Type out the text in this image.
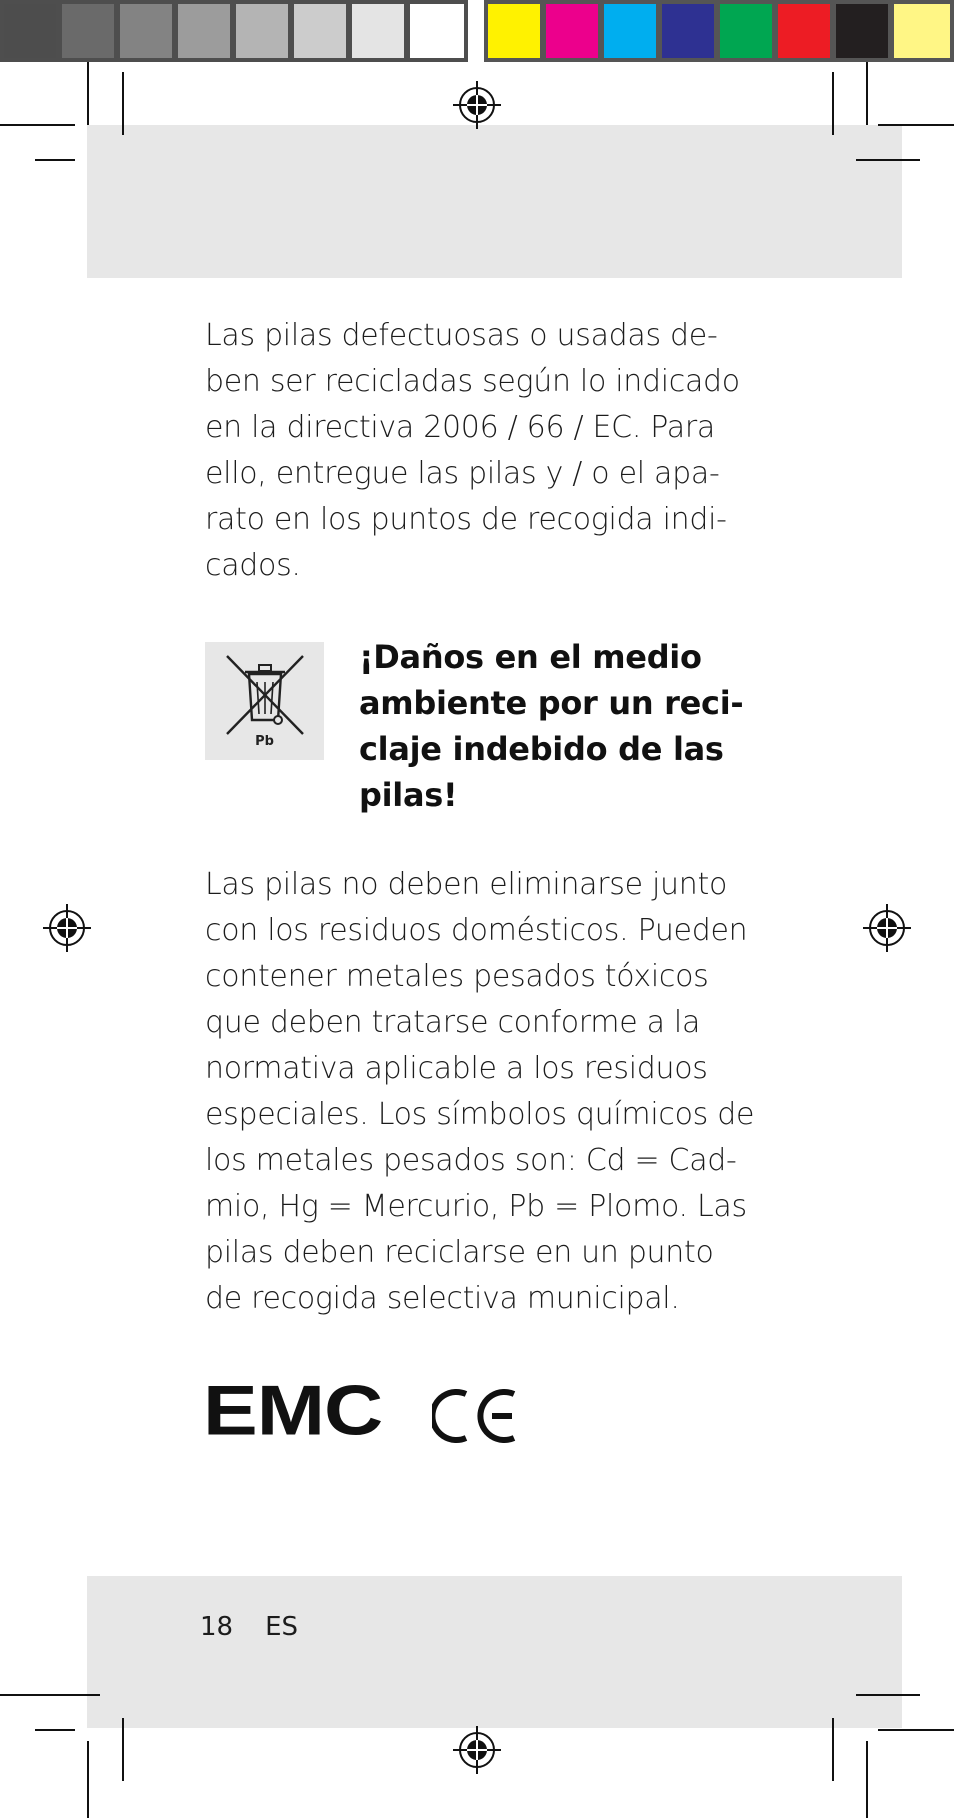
Las pilas defectuosas o usadas de-
ben ser recicladas según lo indicado
en la directiva 2006 / 66 / EC. Para
ello, entregue las pilas y / o el apa-
rato en los puntos de recogida indi-
cados.
Pb
¡Daños en el medio
ambiente por un reci-
claje indebido de las
pilas!
Las pilas no deben eliminarse junto
con los residuos domésticos. Pueden
contener metales pesados tóxicos
que deben tratarse conforme a la
normativa aplicable a los residuos
especiales. Los símbolos químicos de
los metales pesados son: Cd = Cad-
mio, Hg = Mercurio, Pb = Plomo. Las
pilas deben reciclarse en un punto
de recogida selectiva municipal.
EMC
18 ES
